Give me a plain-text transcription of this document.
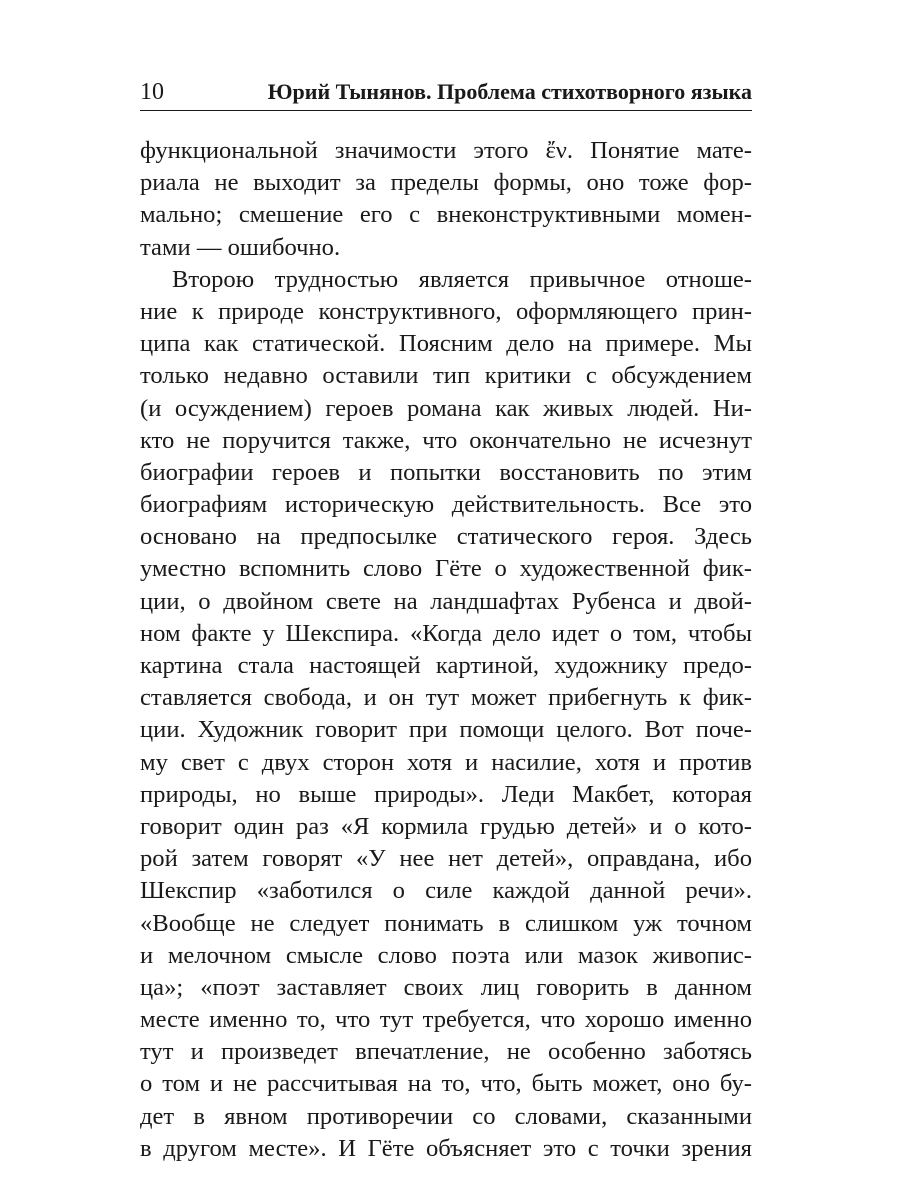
10	Юрий Тынянов. Проблема стихотворного языка
функциональной значимости этого ἔν. Понятие мате-
риала не выходит за пределы формы, оно тоже фор-
мально; смешение его с внеконструктивными момен-
тами — ошибочно.
Второю трудностью является привычное отноше-
ние к природе конструктивного, оформляющего прин-
ципа как статической. Поясним дело на примере. Мы
только недавно оставили тип критики с обсуждением
(и осуждением) героев романа как живых людей. Ни-
кто не поручится также, что окончательно не исчезнут
биографии героев и попытки восстановить по этим
биографиям историческую действительность. Все это
основано на предпосылке статического героя. Здесь
уместно вспомнить слово Гёте о художественной фик-
ции, о двойном свете на ландшафтах Рубенса и двой-
ном факте у Шекспира. «Когда дело идет о том, чтобы
картина стала настоящей картиной, художнику предо-
ставляется свобода, и он тут может прибегнуть к фик-
ции. Художник говорит при помощи целого. Вот поче-
му свет с двух сторон хотя и насилие, хотя и против
природы, но выше природы». Леди Макбет, которая
говорит один раз «Я кормила грудью детей» и о кото-
рой затем говорят «У нее нет детей», оправдана, ибо
Шекспир «заботился о силе каждой данной речи».
«Вообще не следует понимать в слишком уж точном
и мелочном смысле слово поэта или мазок живопис-
ца»; «поэт заставляет своих лиц говорить в данном
месте именно то, что тут требуется, что хорошо именно
тут и произведет впечатление, не особенно заботясь
о том и не рассчитывая на то, что, быть может, оно бу-
дет в явном противоречии со словами, сказанными
в другом месте». И Гёте объясняет это с точки зрения
